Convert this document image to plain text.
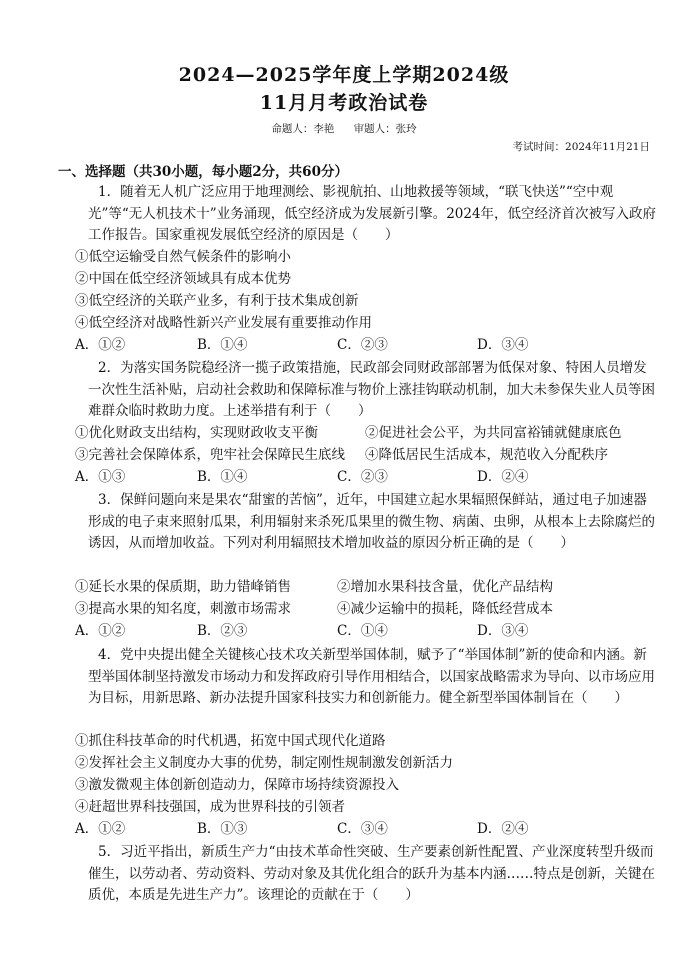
2024—2025学年度上学期2024级
11月月考政治试卷
命题人：李艳 审题人：张玲
考试时间：2024年11月21日
一、选择题（共30小题，每小题2分，共60分）
1．随着无人机广泛应用于地理测绘、影视航拍、山地救援等领域，“联飞快送”“空中观光”等“无人机技术十”业务涌现，低空经济成为发展新引擎。2024年，低空经济首次被写入政府工作报告。国家重视发展低空经济的原因是（　　）
①低空运输受自然气候条件的影响小
②中国在低空经济领域具有成本优势
③低空经济的关联产业多，有利于技术集成创新
④低空经济对战略性新兴产业发展有重要推动作用
A．①②	B．①④	C．②③	D．③④
2．为落实国务院稳经济一揽子政策措施，民政部会同财政部部署为低保对象、特困人员增发一次性生活补贴，启动社会救助和保障标准与物价上涨挂钩联动机制，加大未参保失业人员等困难群众临时救助力度。上述举措有利于（　　）
①优化财政支出结构，实现财政收支平衡	②促进社会公平，为共同富裕铺就健康底色
③完善社会保障体系，兜牢社会保障民生底线 ④降低居民生活成本，规范收入分配秩序
A．①③	B．①④	C．②③	D．②④
3．保鲜问题向来是果农“甜蜜的苦恼”，近年，中国建立起水果辐照保鲜站，通过电子加速器形成的电子束来照射瓜果，利用辐射来杀死瓜果里的微生物、病菌、虫卵，从根本上去除腐烂的诱因，从而增加收益。下列对利用辐照技术增加收益的原因分析正确的是（　　）
①延长水果的保质期，助力错峰销售	②增加水果科技含量，优化产品结构
③提高水果的知名度，刺激市场需求	④减少运输中的损耗，降低经营成本
A．①②	B．②③	C．①④	D．③④
4．党中央提出健全关键核心技术攻关新型举国体制，赋予了“举国体制”新的使命和内涵。新型举国体制坚持激发市场动力和发挥政府引导作用相结合，以国家战略需求为导向、以市场应用为目标，用新思路、新办法提升国家科技实力和创新能力。健全新型举国体制旨在（　　）
①抓住科技革命的时代机遇，拓宽中国式现代化道路
②发挥社会主义制度办大事的优势，制定刚性规制激发创新活力
③激发微观主体创新创造动力，保障市场持续资源投入
④赶超世界科技强国，成为世界科技的引领者
A．①②	B．①③	C．③④	D．②④
5．习近平指出，新质生产力“由技术革命性突破、生产要素创新性配置、产业深度转型升级而催生，以劳动者、劳动资料、劳动对象及其优化组合的跃升为基本内涵……特点是创新，关键在质优，本质是先进生产力”。该理论的贡献在于（　　）
